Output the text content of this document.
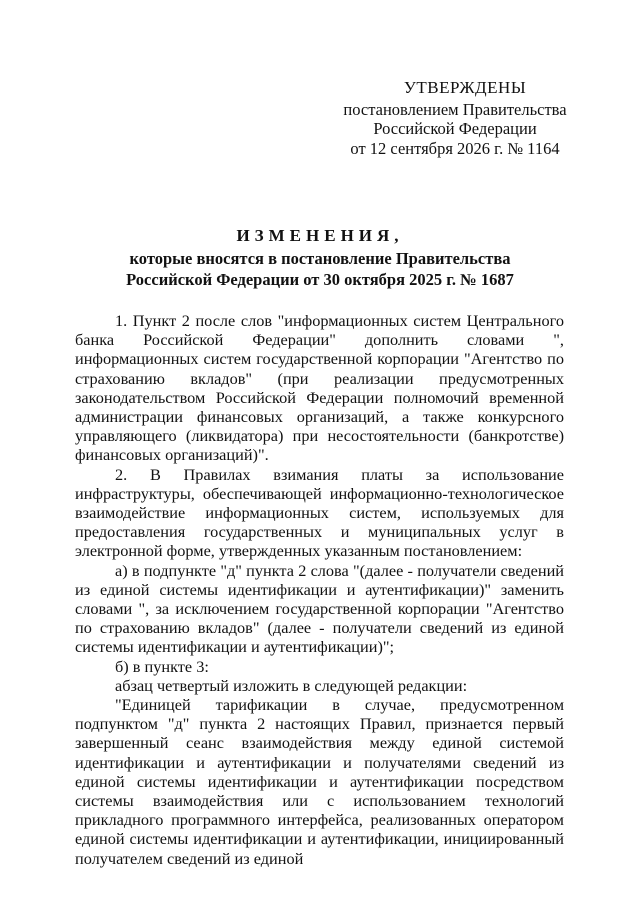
УТВЕРЖДЕНЫ
постановлением Правительства
Российской Федерации
от 12 сентября 2026 г. № 1164
ИЗМЕНЕНИЯ,
которые вносятся в постановление Правительства
Российской Федерации от 30 октября 2025 г. № 1687

1. Пункт 2 после слов "информационных систем Центрального банка Российской Федерации" дополнить словами ", информационных систем государственной корпорации "Агентство по страхованию вкладов" (при реализации предусмотренных законодательством Российской Федерации полномочий временной администрации финансовых организаций, а также конкурсного управляющего (ликвидатора) при несостоятельности (банкротстве) финансовых организаций)".

2. В Правилах взимания платы за использование инфраструктуры, обеспечивающей информационно-технологическое взаимодействие информационных систем, используемых для предоставления государственных и муниципальных услуг в электронной форме, утвержденных указанным постановлением:

а) в подпункте "д" пункта 2 слова "(далее - получатели сведений из единой системы идентификации и аутентификации)" заменить словами ", за исключением государственной корпорации "Агентство по страхованию вкладов" (далее - получатели сведений из единой системы идентификации и аутентификации)";

б) в пункте 3:

абзац четвертый изложить в следующей редакции:

"Единицей тарификации в случае, предусмотренном подпунктом "д" пункта 2 настоящих Правил, признается первый завершенный сеанс взаимодействия между единой системой идентификации и аутентификации и получателями сведений из единой системы идентификации и аутентификации посредством системы взаимодействия или с использованием технологий прикладного программного интерфейса, реализованных оператором единой системы идентификации и аутентификации, инициированный получателем сведений из единой
